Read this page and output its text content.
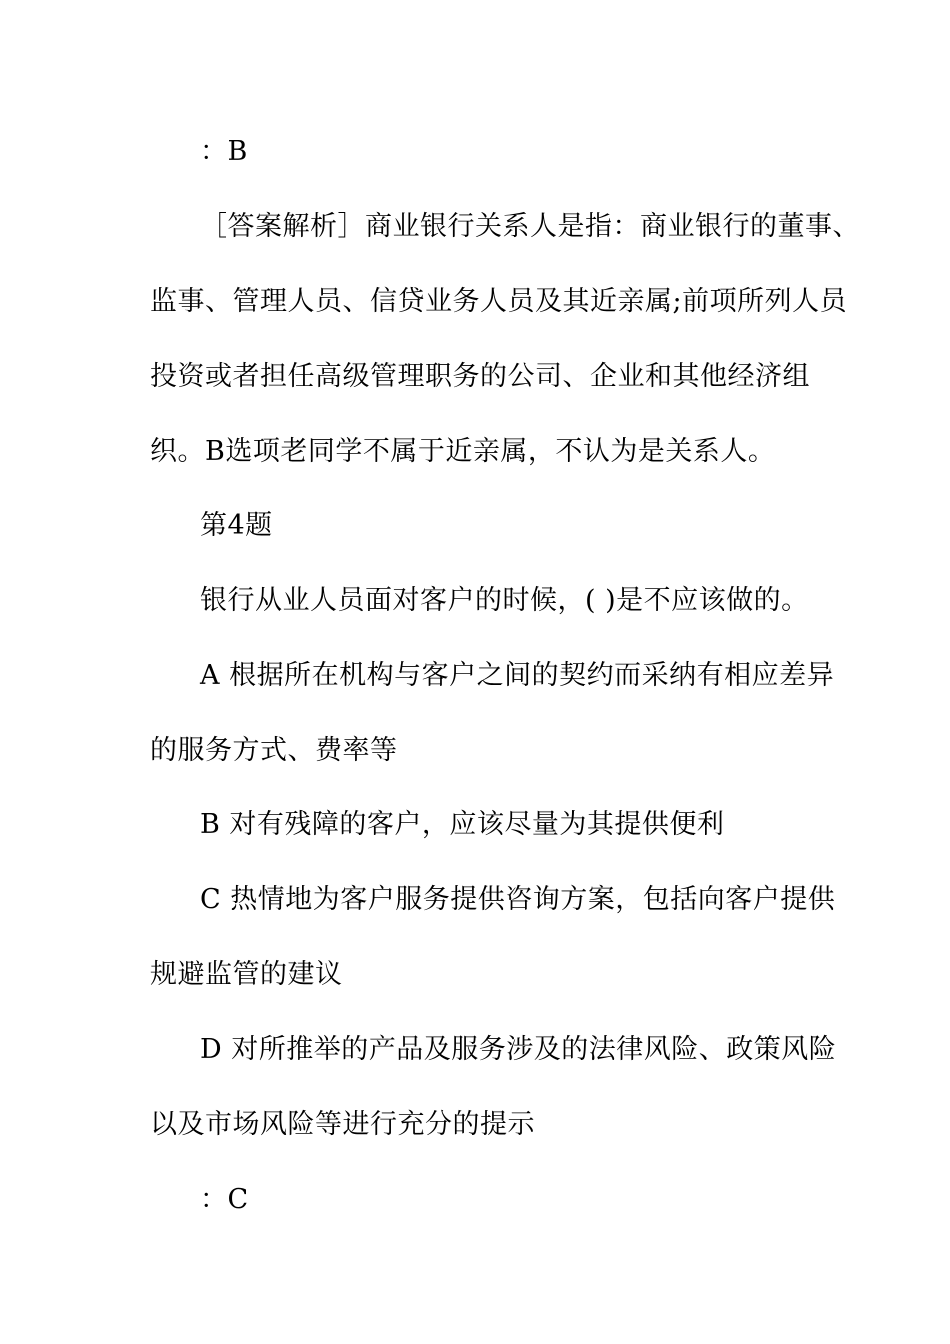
：B
［答案解析］商业银行关系人是指：商业银行的董事、
监事、管理人员、信贷业务人员及其近亲属;前项所列人员
投资或者担任高级管理职务的公司、企业和其他经济组
织。B选项老同学不属于近亲属，不认为是关系人。
第4题
银行从业人员面对客户的时候，( )是不应该做的。
A 根据所在机构与客户之间的契约而采纳有相应差异
的服务方式、费率等
B 对有残障的客户，应该尽量为其提供便利
C 热情地为客户服务提供咨询方案，包括向客户提供
规避监管的建议
D 对所推举的产品及服务涉及的法律风险、政策风险
以及市场风险等进行充分的提示
：C
